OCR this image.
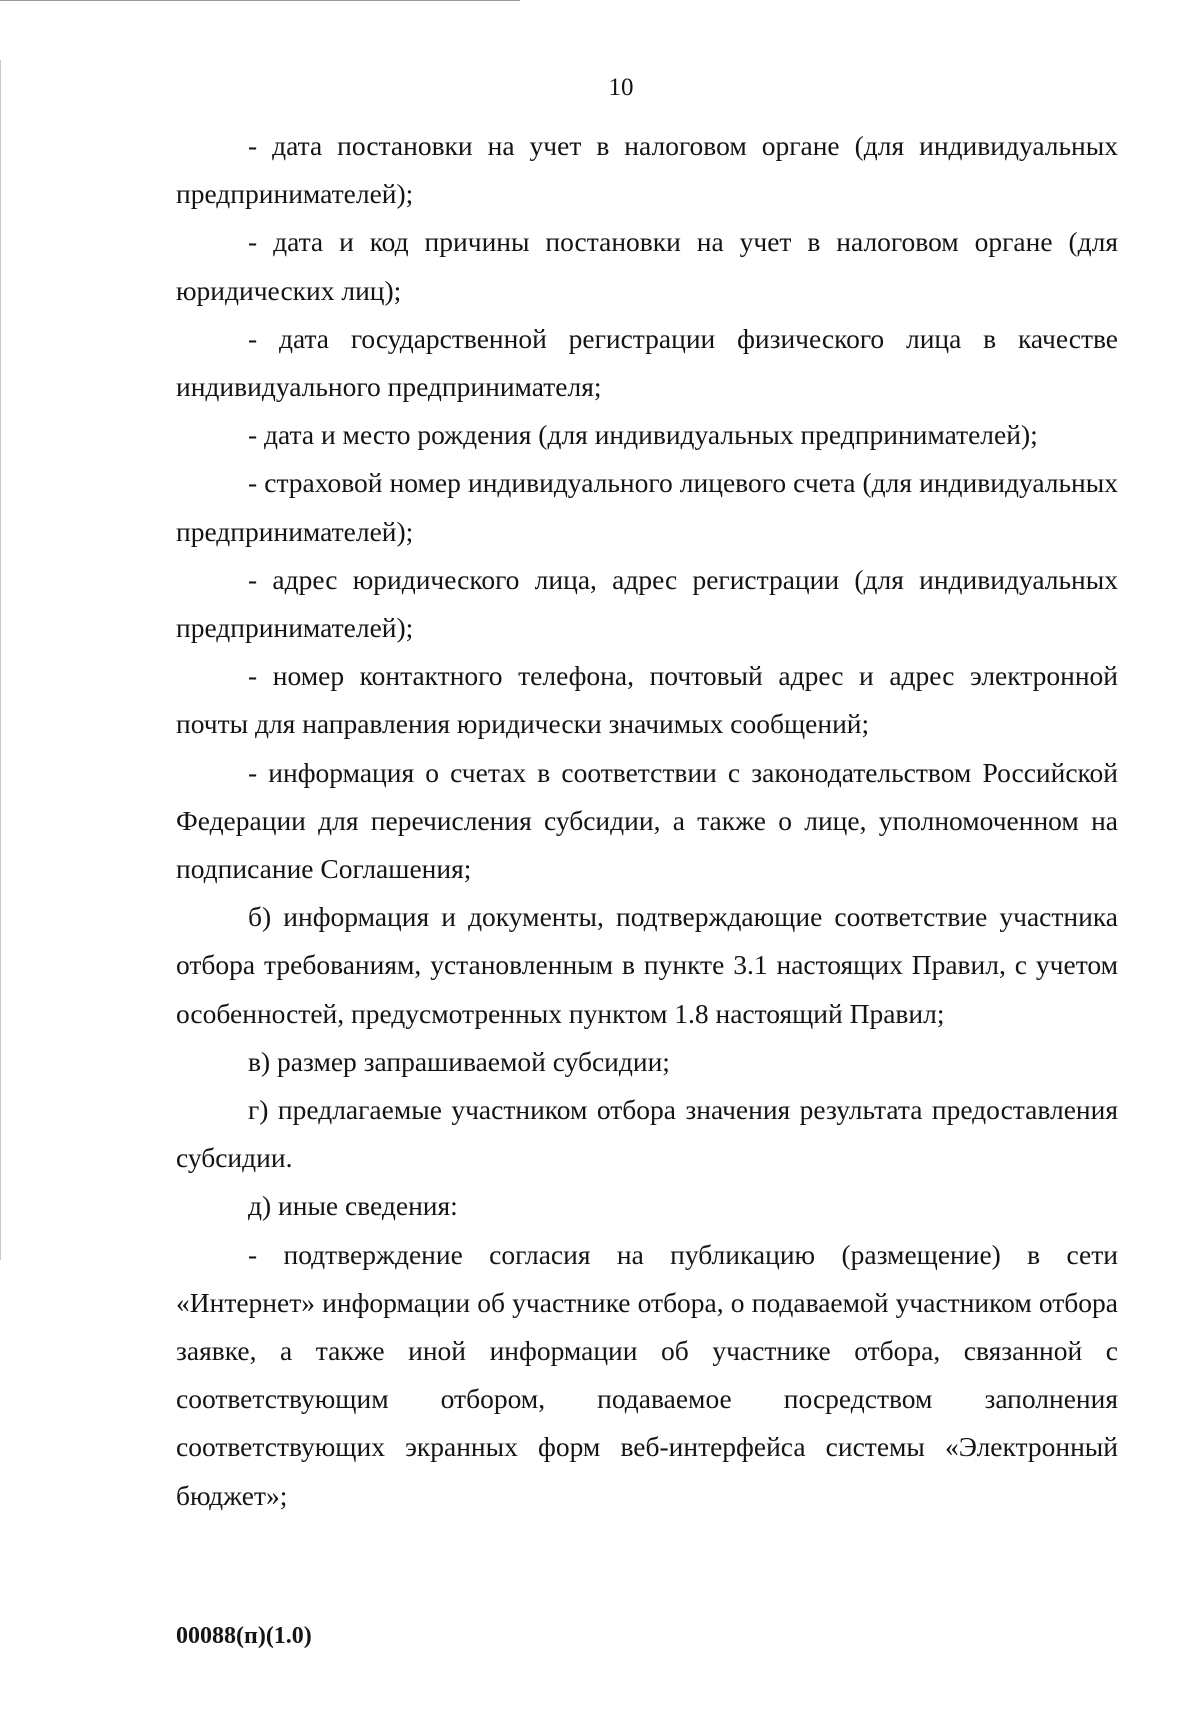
10

- дата постановки на учет в налоговом органе (для индивидуальных предпринимателей);

- дата и код причины постановки на учет в налоговом органе (для юридических лиц);

- дата государственной регистрации физического лица в качестве индивидуального предпринимателя;

- дата и место рождения (для индивидуальных предпринимателей);

- страховой номер индивидуального лицевого счета (для индивидуальных предпринимателей);

- адрес юридического лица, адрес регистрации (для индивидуальных предпринимателей);

- номер контактного телефона, почтовый адрес и адрес электронной почты для направления юридически значимых сообщений;

- информация о счетах в соответствии с законодательством Российской Федерации для перечисления субсидии, а также о лице, уполномоченном на подписание Соглашения;

б) информация и документы, подтверждающие соответствие участника отбора требованиям, установленным в пункте 3.1 настоящих Правил, с учетом особенностей, предусмотренных пунктом 1.8 настоящий Правил;

в) размер запрашиваемой субсидии;

г) предлагаемые участником отбора значения результата предоставления субсидии.

д) иные сведения:

- подтверждение согласия на публикацию (размещение) в сети «Интернет» информации об участнике отбора, о подаваемой участником отбора заявке, а также иной информации об участнике отбора, связанной с соответствующим отбором, подаваемое посредством заполнения соответствующих экранных форм веб-интерфейса системы «Электронный бюджет»;

00088(п)(1.0)
